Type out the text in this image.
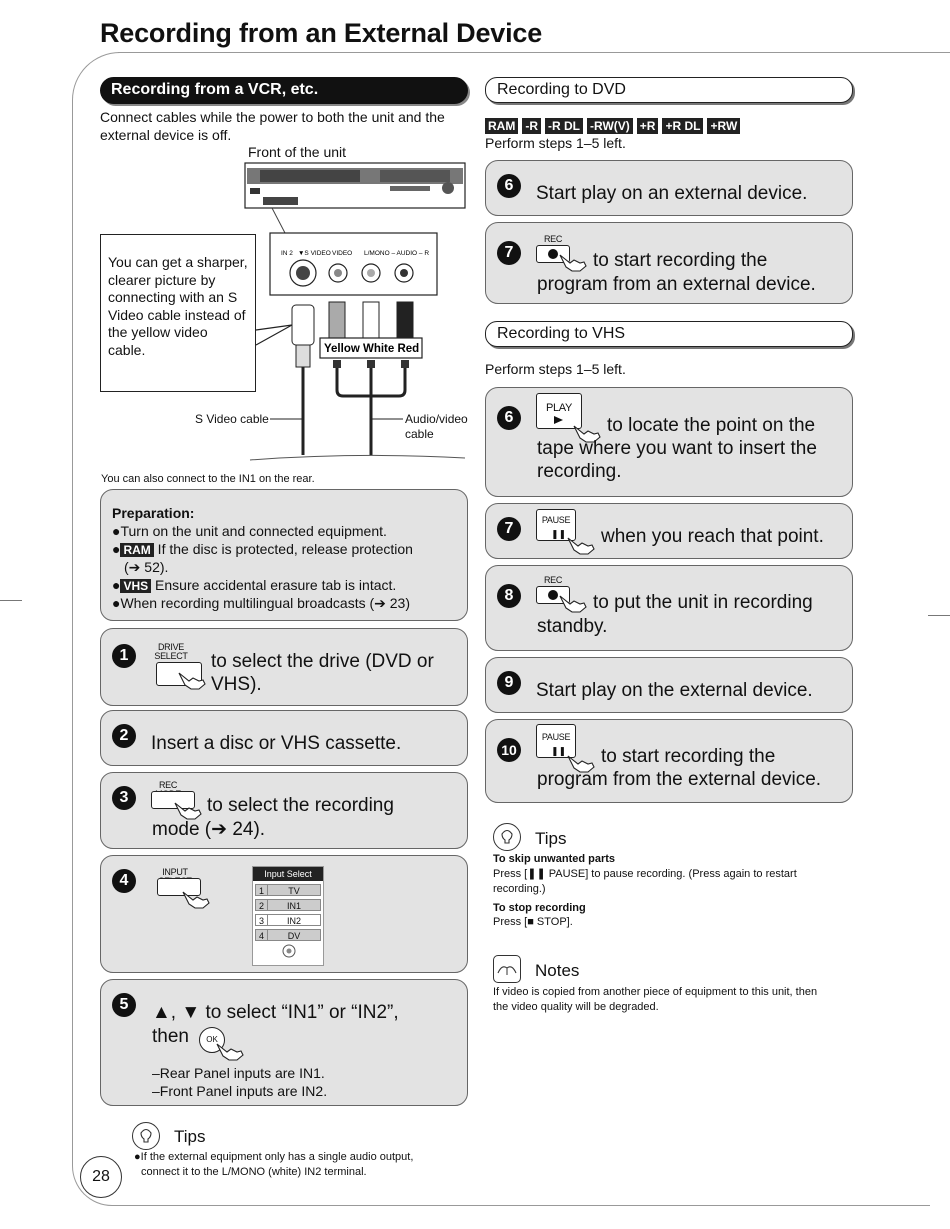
Recording from an External Device
Recording from a VCR, etc.
Connect cables while the power to both the unit and the external device is off.
Front of the unit
IN 2 ▼S VIDEO VIDEO L/MONO – AUDIO – R
Yellow White Red
You can get a sharper, clearer picture by connecting with an S Video cable instead of the yellow video cable.
S Video cable	Audio/video cable
You can also connect to the IN1 on the rear.
Preparation:
●Turn on the unit and connected equipment.
● RAM If the disc is protected, release protection
(➔ 52).
● VHS Ensure accidental erasure tab is intact.
●When recording multilingual broadcasts (➔ 23)
1	DRIVE SELECT to select the drive (DVD or
VHS).
2	Insert a disc or VHS cassette.
3
REC
to select the recording
mode (➔ 24).
4	INPUT	Input Select
1	TV
2	IN1
3	IN2
4	DV
5	▲, ▼ to select “IN1” or “IN2”,
then	OK
–Rear Panel inputs are IN1.
–Front Panel inputs are IN2.
Tips
●If the external equipment only has a single audio output,
connect it to the L/MONO (white) IN2 terminal.
28
Recording to DVD
RAM -R -R DL -RW(V) +R +R DL +RW
Perform steps 1–5 left.
6	Start play on an external device.
7
REC
to start recording the
program from an external device.
Recording to VHS
Perform steps 1–5 left.
6
PLAY
to locate the point on the
tape where you want to insert the
recording.
7	PAUSE
❚❚ when you reach that point.
8
REC
to put the unit in recording
standby.
9	Start play on the external device.
10
PAUSE
❚❚ to start recording the
program from the external device.
Tips
To skip unwanted parts
Press [❚❚ PAUSE] to pause recording. (Press again to restart
recording.)
To stop recording
Press [■ STOP].
Notes
If video is copied from another piece of equipment to this unit, then
the video quality will be degraded.
